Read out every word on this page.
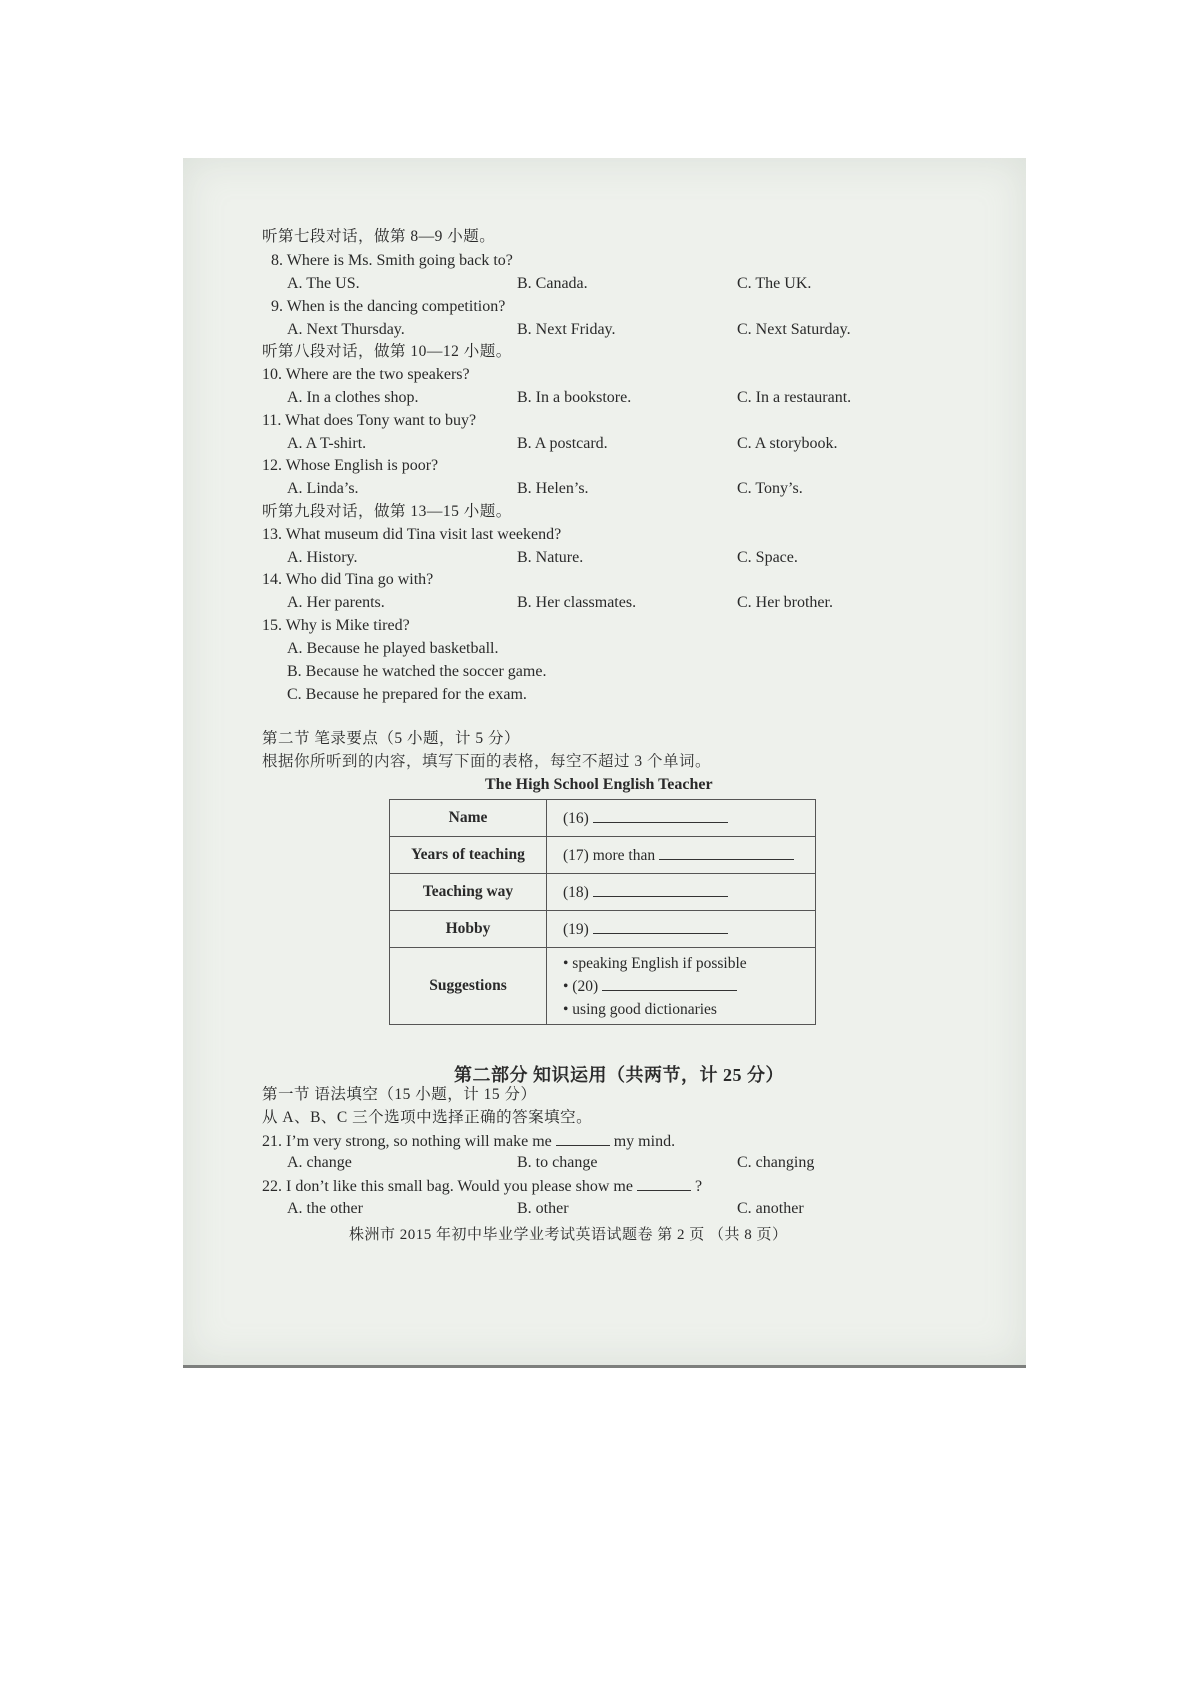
听第七段对话，做第 8—9 小题。
8. Where is Ms. Smith going back to?
A. The US.	B. Canada.	C. The UK.
9. When is the dancing competition?
A. Next Thursday.	B. Next Friday.	C. Next Saturday.
听第八段对话，做第 10—12 小题。
10. Where are the two speakers?
A. In a clothes shop.	B. In a bookstore.	C. In a restaurant.
11. What does Tony want to buy?
A. A T-shirt.	B. A postcard.	C. A storybook.
12. Whose English is poor?
A. Linda’s.	B. Helen’s.	C. Tony’s.
听第九段对话，做第 13—15 小题。
13. What museum did Tina visit last weekend?
A. History.	B. Nature.	C. Space.
14. Who did Tina go with?
A. Her parents.	B. Her classmates.	C. Her brother.
15. Why is Mike tired?
A. Because he played basketball.
B. Because he watched the soccer game.
C. Because he prepared for the exam.
第二节 笔录要点（5 小题，计 5 分）
根据你所听到的内容，填写下面的表格，每空不超过 3 个单词。
The High School English Teacher
Name	(16)
Years of teaching	(17) more than
Teaching way	(18)
Hobby	(19)
Suggestions	• speaking English if possible
• (20)
• using good dictionaries
第二部分 知识运用（共两节，计 25 分）
第一节 语法填空（15 小题，计 15 分）
从 A、B、C 三个选项中选择正确的答案填空。
21. I’m very strong, so nothing will make me	my mind.
A. change	B. to change	C. changing
22. I don’t like this small bag. Would you please show me	?
A. the other	B. other	C. another
株洲市 2015 年初中毕业学业考试英语试题卷 第 2 页 （共 8 页）
